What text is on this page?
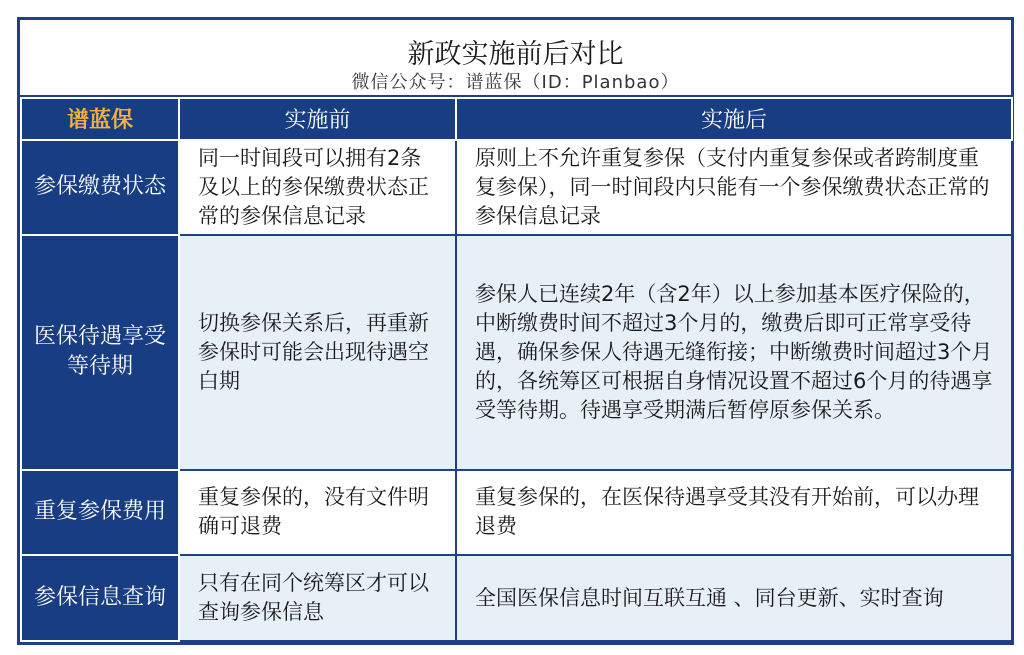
新政实施前后对比
微信公众号：谱蓝保（ID：Planbao）
谱蓝保	实施前	实施后
参保缴费状态	同一时间段可以拥有2条及以上的参保缴费状态正常的参保信息记录	原则上不允许重复参保（支付内重复参保或者跨制度重复参保），同一时间段内只能有一个参保缴费状态正常的参保信息记录
医保待遇享受等待期	切换参保关系后，再重新参保时可能会出现待遇空白期	参保人已连续2年（含2年）以上参加基本医疗保险的，中断缴费时间不超过3个月的，缴费后即可正常享受待遇，确保参保人待遇无缝衔接；中断缴费时间超过3个月的，各统筹区可根据自身情况设置不超过6个月的待遇享受等待期。待遇享受期满后暂停原参保关系。
重复参保费用	重复参保的，没有文件明确可退费	重复参保的，在医保待遇享受其没有开始前，可以办理退费
参保信息查询	只有在同个统筹区才可以查询参保信息	全国医保信息时间互联互通 、同台更新、实时查询
